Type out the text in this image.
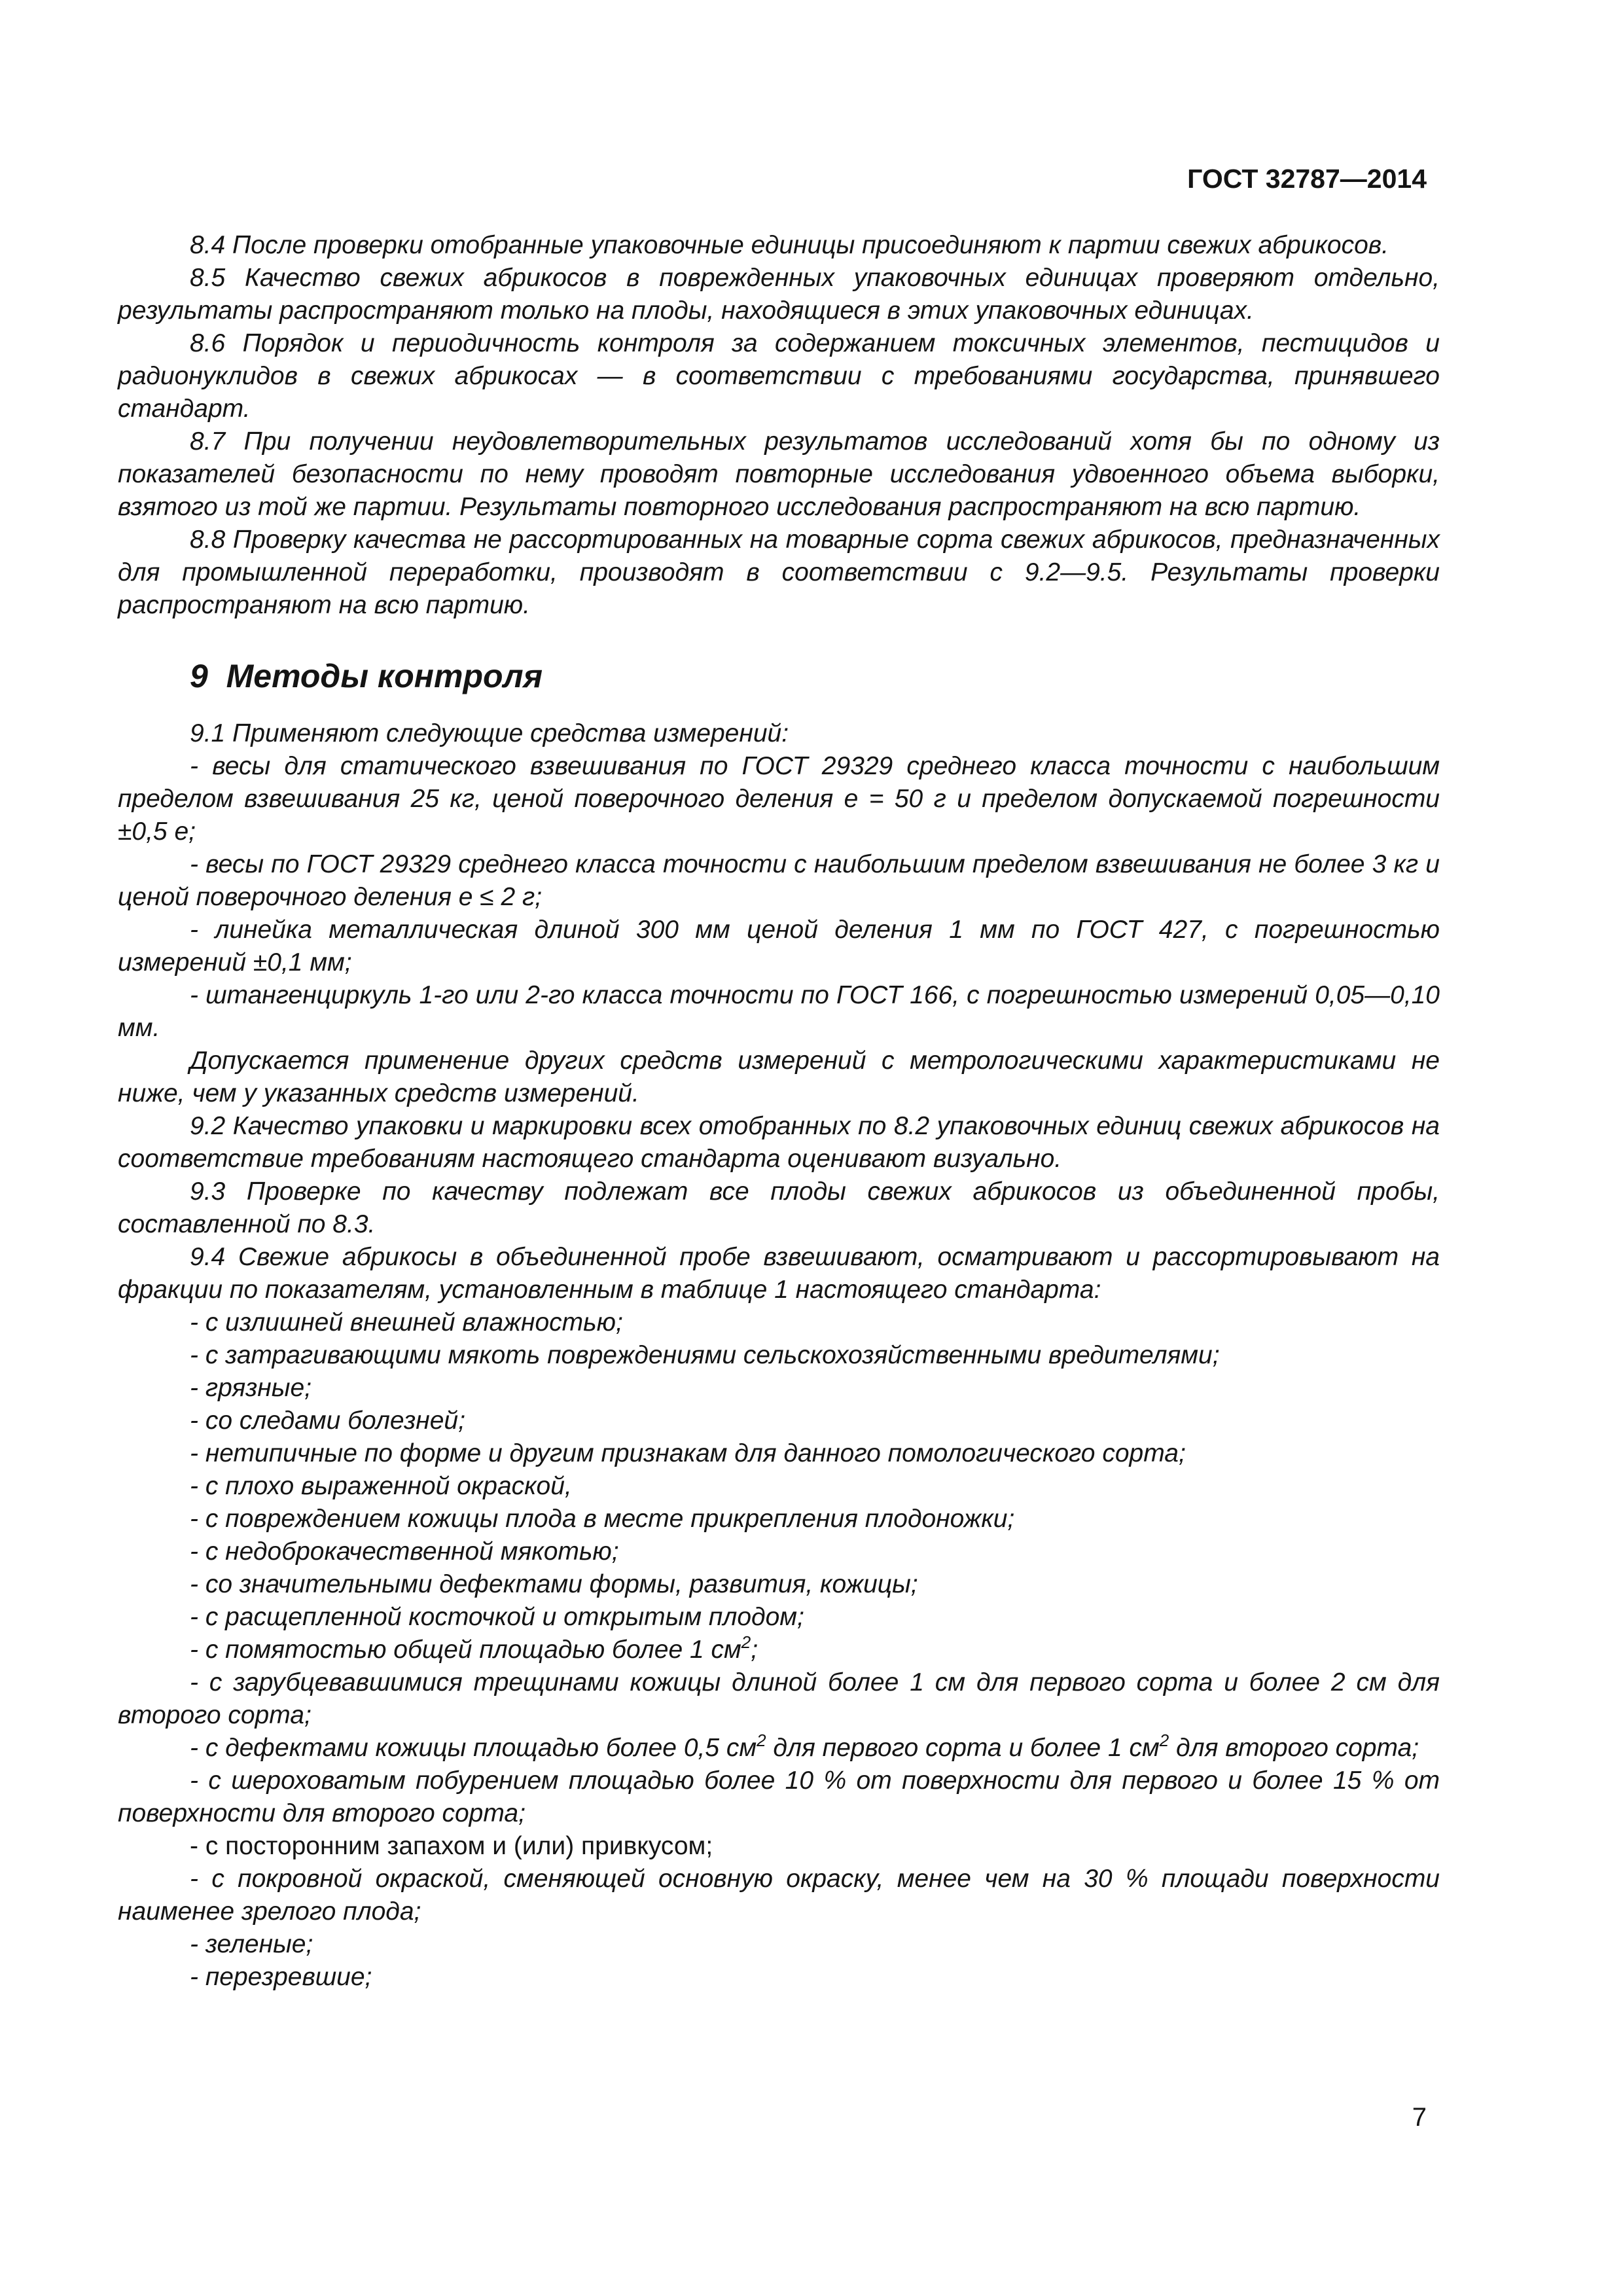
ГОСТ 32787—2014

8.4 После проверки отобранные упаковочные единицы присоединяют к партии свежих абрикосов.

8.5 Качество свежих абрикосов в поврежденных упаковочных единицах проверяют отдельно, результаты распространяют только на плоды, находящиеся в этих упаковочных единицах.

8.6 Порядок и периодичность контроля за содержанием токсичных элементов, пестицидов и радионуклидов в свежих абрикосах — в соответствии с требованиями государства, принявшего стандарт.

8.7 При получении неудовлетворительных результатов исследований хотя бы по одному из показателей безопасности по нему проводят повторные исследования удвоенного объема выборки, взятого из той же партии. Результаты повторного исследования распространяют на всю партию.

8.8 Проверку качества не рассортированных на товарные сорта свежих абрикосов, предназначенных для промышленной переработки, производят в соответствии с 9.2—9.5. Результаты проверки распространяют на всю партию.

9 Методы контроля

9.1 Применяют следующие средства измерений:

- весы для статического взвешивания по ГОСТ 29329 среднего класса точности с наибольшим пределом взвешивания 25 кг, ценой поверочного деления е = 50 г и пределом допускаемой погрешности ±0,5 е;

- весы по ГОСТ 29329 среднего класса точности с наибольшим пределом взвешивания не более 3 кг и ценой поверочного деления е ≤ 2 г;

- линейка металлическая длиной 300 мм ценой деления 1 мм по ГОСТ 427, с погрешностью измерений ±0,1 мм;

- штангенциркуль 1-го или 2-го класса точности по ГОСТ 166, с погрешностью измерений 0,05—0,10 мм.

Допускается применение других средств измерений с метрологическими характеристиками не ниже, чем у указанных средств измерений.

9.2 Качество упаковки и маркировки всех отобранных по 8.2 упаковочных единиц свежих абрикосов на соответствие требованиям настоящего стандарта оценивают визуально.

9.3 Проверке по качеству подлежат все плоды свежих абрикосов из объединенной пробы, составленной по 8.3.

9.4 Свежие абрикосы в объединенной пробе взвешивают, осматривают и рассортировывают на фракции по показателям, установленным в таблице 1 настоящего стандарта:

- с излишней внешней влажностью;

- с затрагивающими мякоть повреждениями сельскохозяйственными вредителями;

- грязные;

- со следами болезней;

- нетипичные по форме и другим признакам для данного помологического сорта;

- с плохо выраженной окраской,

- с повреждением кожицы плода в месте прикрепления плодоножки;

- с недоброкачественной мякотью;

- со значительными дефектами формы, развития, кожицы;

- с расщепленной косточкой и открытым плодом;

- с помятостью общей площадью более 1 $см^2$;

- с зарубцевавшимися трещинами кожицы длиной более 1 см для первого сорта и более 2 см для второго сорта;

- с дефектами кожицы площадью более 0,5 $см^2$ для первого сорта и более 1 $см^2$ для второго сорта;

- с шероховатым побурением площадью более 10 % от поверхности для первого и более 15 % от поверхности для второго сорта;

- с посторонним запахом и (или) привкусом;

- с покровной окраской, сменяющей основную окраску, менее чем на 30 % площади поверхности наименее зрелого плода;

- зеленые;

- перезревшие;

7
